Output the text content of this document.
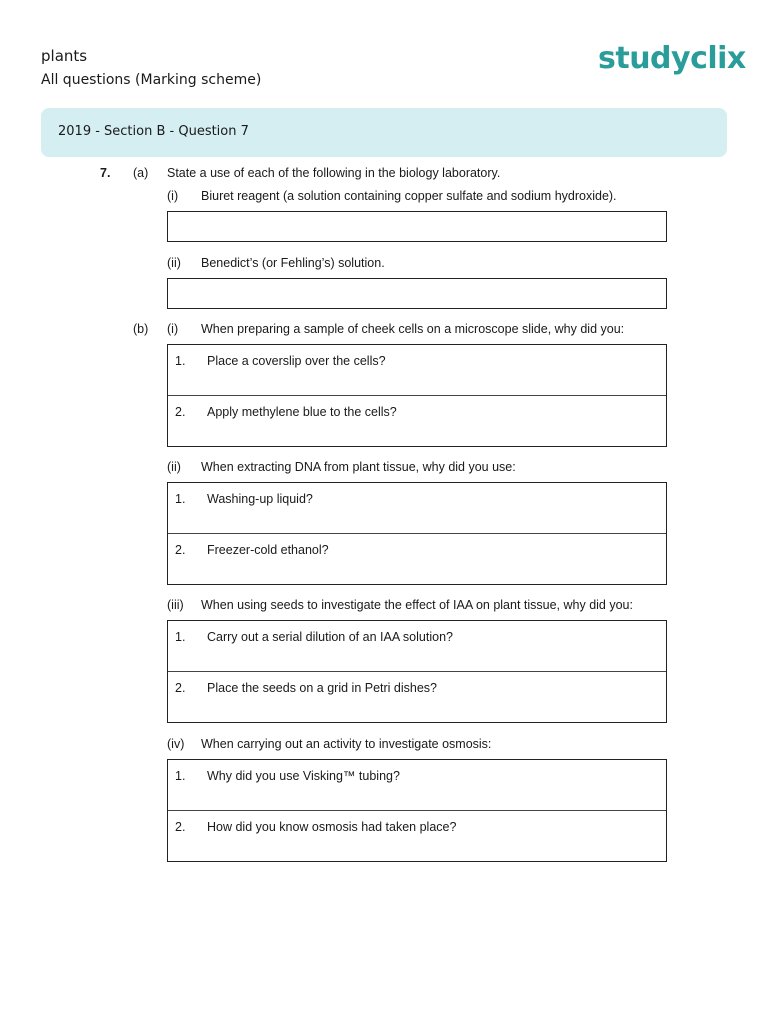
plants
All questions (Marking scheme)
studyclix
2019 - Section B - Question 7
7. (a) State a use of each of the following in the biology laboratory.
(i) Biuret reagent (a solution containing copper sulfate and sodium hydroxide).
(ii) Benedict’s (or Fehling’s) solution.
(b) (i) When preparing a sample of cheek cells on a microscope slide, why did you:
1. Place a coverslip over the cells?
2. Apply methylene blue to the cells?
(ii) When extracting DNA from plant tissue, why did you use:
1. Washing-up liquid?
2. Freezer-cold ethanol?
(iii) When using seeds to investigate the effect of IAA on plant tissue, why did you:
1. Carry out a serial dilution of an IAA solution?
2. Place the seeds on a grid in Petri dishes?
(iv) When carrying out an activity to investigate osmosis:
1. Why did you use Visking™ tubing?
2. How did you know osmosis had taken place?
